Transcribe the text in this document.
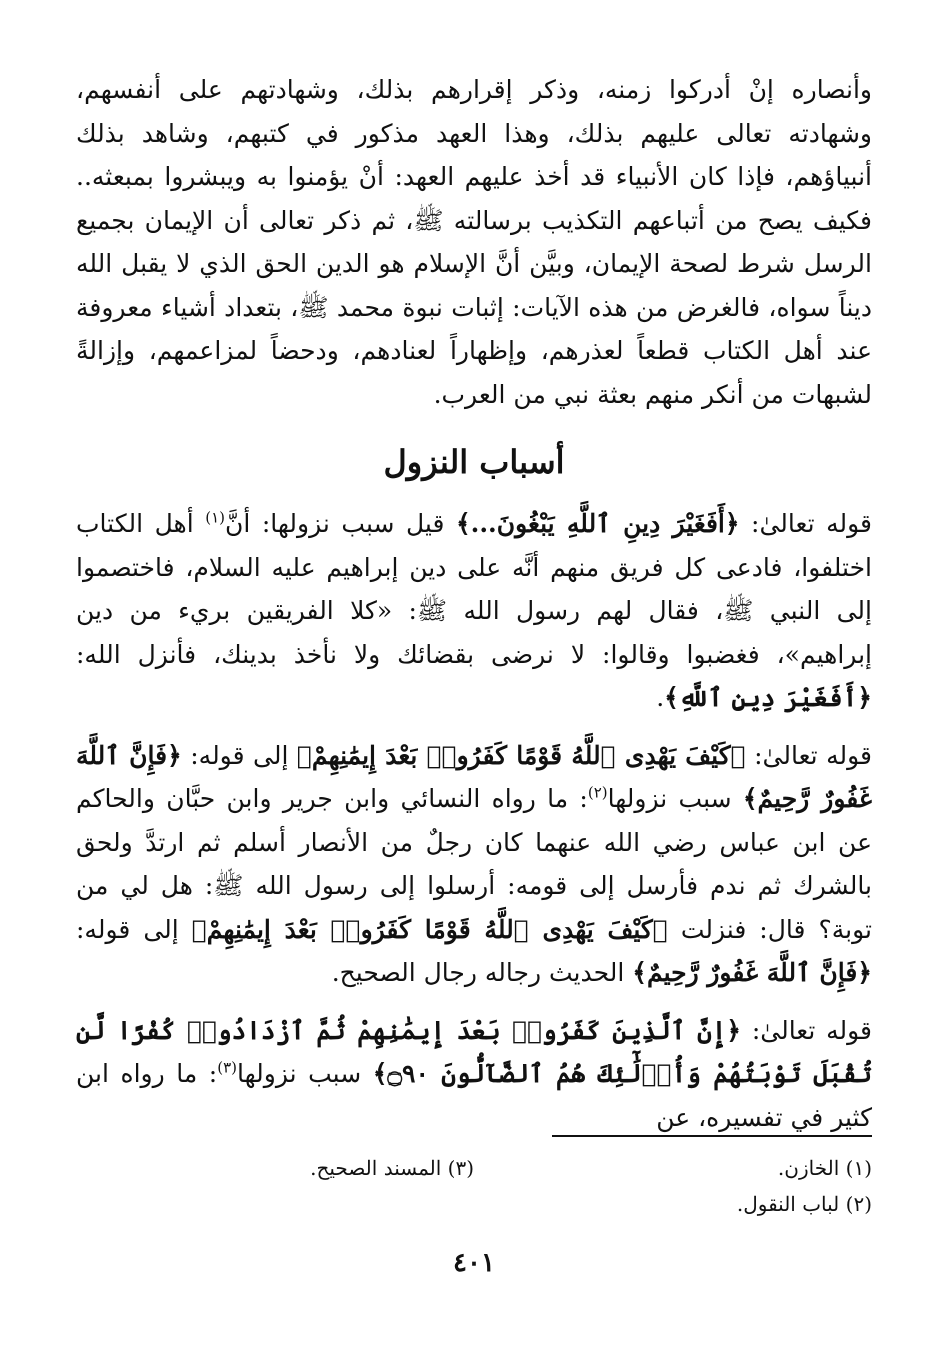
وأنصاره إنْ أدركوا زمنه، وذكر إقرارهم بذلك، وشهادتهم على أنفسهم، وشهادته تعالى عليهم بذلك، وهذا العهد مذكور في كتبهم، وشاهد بذلك أنبياؤهم، فإذا كان الأنبياء قد أخذ عليهم العهد: أنْ يؤمنوا به ويبشروا بمبعثه.. فكيف يصح من أتباعهم التكذيب برسالته ﷺ، ثم ذكر تعالى أن الإيمان بجميع الرسل شرط لصحة الإيمان، وبيَّن أنَّ الإسلام هو الدين الحق الذي لا يقبل الله ديناً سواه، فالغرض من هذه الآيات: إثبات نبوة محمد ﷺ، بتعداد أشياء معروفة عند أهل الكتاب قطعاً لعذرهم، وإظهاراً لعنادهم، ودحضاً لمزاعمهم، وإزالةً لشبهات من أنكر منهم بعثة نبي من العرب.

أسباب النزول

قوله تعالىٰ: ﴿أَفَغَيْرَ دِينِ ٱللَّهِ يَبْغُونَ...﴾ قيل سبب نزولها: أنَّ$^{(١)}$ أهل الكتاب اختلفوا، فادعى كل فريق منهم أنَّه على دين إبراهيم عليه السلام، فاختصموا إلى النبي ﷺ، فقال لهم رسول الله ﷺ: «كلا الفريقين بريء من دين إبراهيم»، فغضبوا وقالوا: لا نرضى بقضائك ولا نأخذ بدينك، فأنزل الله: ﴿أَفَغَيْرَ دِينِ ٱللَّهِ﴾.

قوله تعالىٰ: ﴿كَيْفَ يَهْدِى ٱللَّهُ قَوْمًا كَفَرُوا۟ بَعْدَ إِيمَٰنِهِمْ﴾ إلى قوله: ﴿فَإِنَّ ٱللَّهَ غَفُورٌ رَّحِيمٌ﴾ سبب نزولها$^{(٢)}$: ما رواه النسائي وابن جرير وابن حبَّان والحاكم عن ابن عباس رضي الله عنهما كان رجلٌ من الأنصار أسلم ثم ارتدَّ ولحق بالشرك ثم ندم فأرسل إلى قومه: أرسلوا إلى رسول الله ﷺ: هل لي من توبة؟ قال: فنزلت ﴿كَيْفَ يَهْدِى ٱللَّهُ قَوْمًا كَفَرُوا۟ بَعْدَ إِيمَٰنِهِمْ﴾ إلى قوله: ﴿فَإِنَّ ٱللَّهَ غَفُورٌ رَّحِيمٌ﴾ الحديث رجاله رجال الصحيح.

قوله تعالىٰ: ﴿إِنَّ ٱلَّذِينَ كَفَرُوا۟ بَعْدَ إِيمَٰنِهِمْ ثُمَّ ٱزْدَادُوا۟ كُفْرًا لَّن تُقْبَلَ تَوْبَتُهُمْ وَأُو۟لَٰٓئِكَ هُمُ ٱلضَّآلُّونَ ۝٩٠﴾ سبب نزولها$^{(٣)}$: ما رواه ابن كثير في تفسيره، عن

(١) الخازن.
(٣) المسند الصحيح.
(٢) لباب النقول.
٤٠١
